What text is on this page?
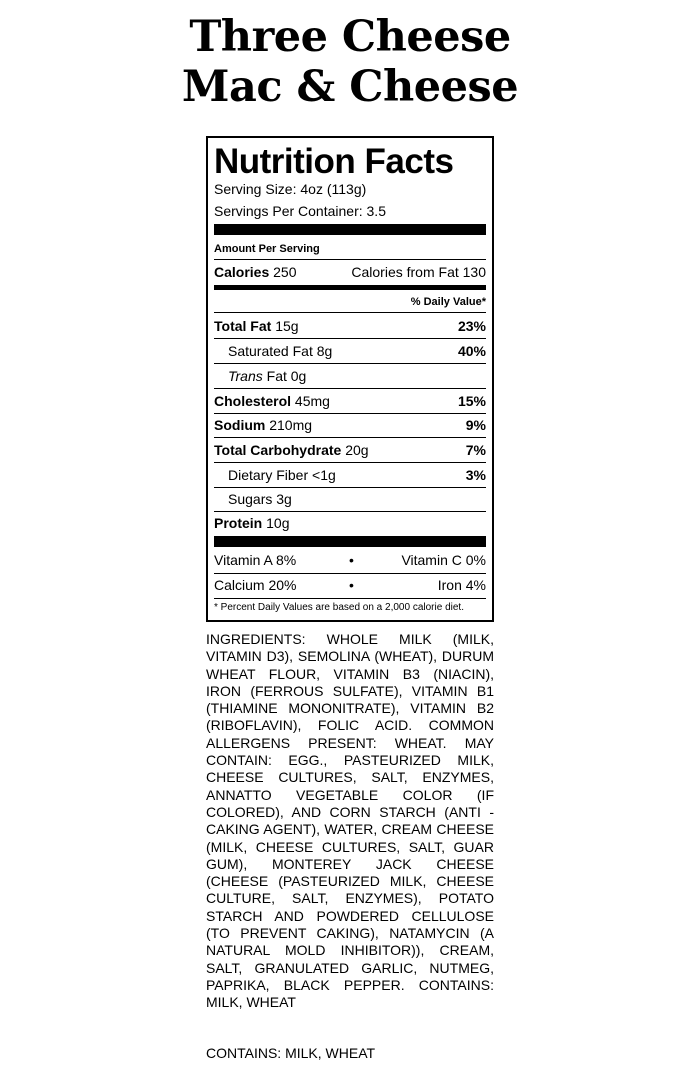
Three Cheese
Mac & Cheese
Nutrition Facts
Serving Size: 4oz (113g)
Servings Per Container: 3.5
Amount Per Serving
Calories 250	Calories from Fat 130
% Daily Value*
Total Fat 15g	23%
Saturated Fat 8g	40%
Trans Fat 0g
Cholesterol 45mg	15%
Sodium 210mg	9%
Total Carbohydrate 20g	7%
Dietary Fiber <1g	3%
Sugars 3g
Protein 10g
Vitamin A 8%	•	Vitamin C 0%
Calcium 20%	•	Iron 4%
* Percent Daily Values are based on a 2,000 calorie diet.
INGREDIENTS: WHOLE MILK (MILK, VITAMIN D3), SEMOLINA (WHEAT), DURUM WHEAT FLOUR, VITAMIN B3 (NIACIN), IRON (FERROUS SULFATE), VITAMIN B1 (THIAMINE MONONITRATE), VITAMIN B2 (RIBOFLAVIN), FOLIC ACID. COMMON ALLERGENS PRESENT: WHEAT. MAY CONTAIN: EGG., PASTEURIZED MILK, CHEESE CULTURES, SALT, ENZYMES, ANNATTO VEGETABLE COLOR (IF COLORED), AND CORN STARCH (ANTI - CAKING AGENT), WATER, CREAM CHEESE (MILK, CHEESE CULTURES, SALT, GUAR GUM), MONTEREY JACK CHEESE (CHEESE (PASTEURIZED MILK, CHEESE CULTURE, SALT, ENZYMES), POTATO STARCH AND POWDERED CELLULOSE (TO PREVENT CAKING), NATAMYCIN (A NATURAL MOLD INHIBITOR)), CREAM, SALT, GRANULATED GARLIC, NUTMEG, PAPRIKA, BLACK PEPPER. CONTAINS: MILK, WHEAT
CONTAINS: MILK, WHEAT
